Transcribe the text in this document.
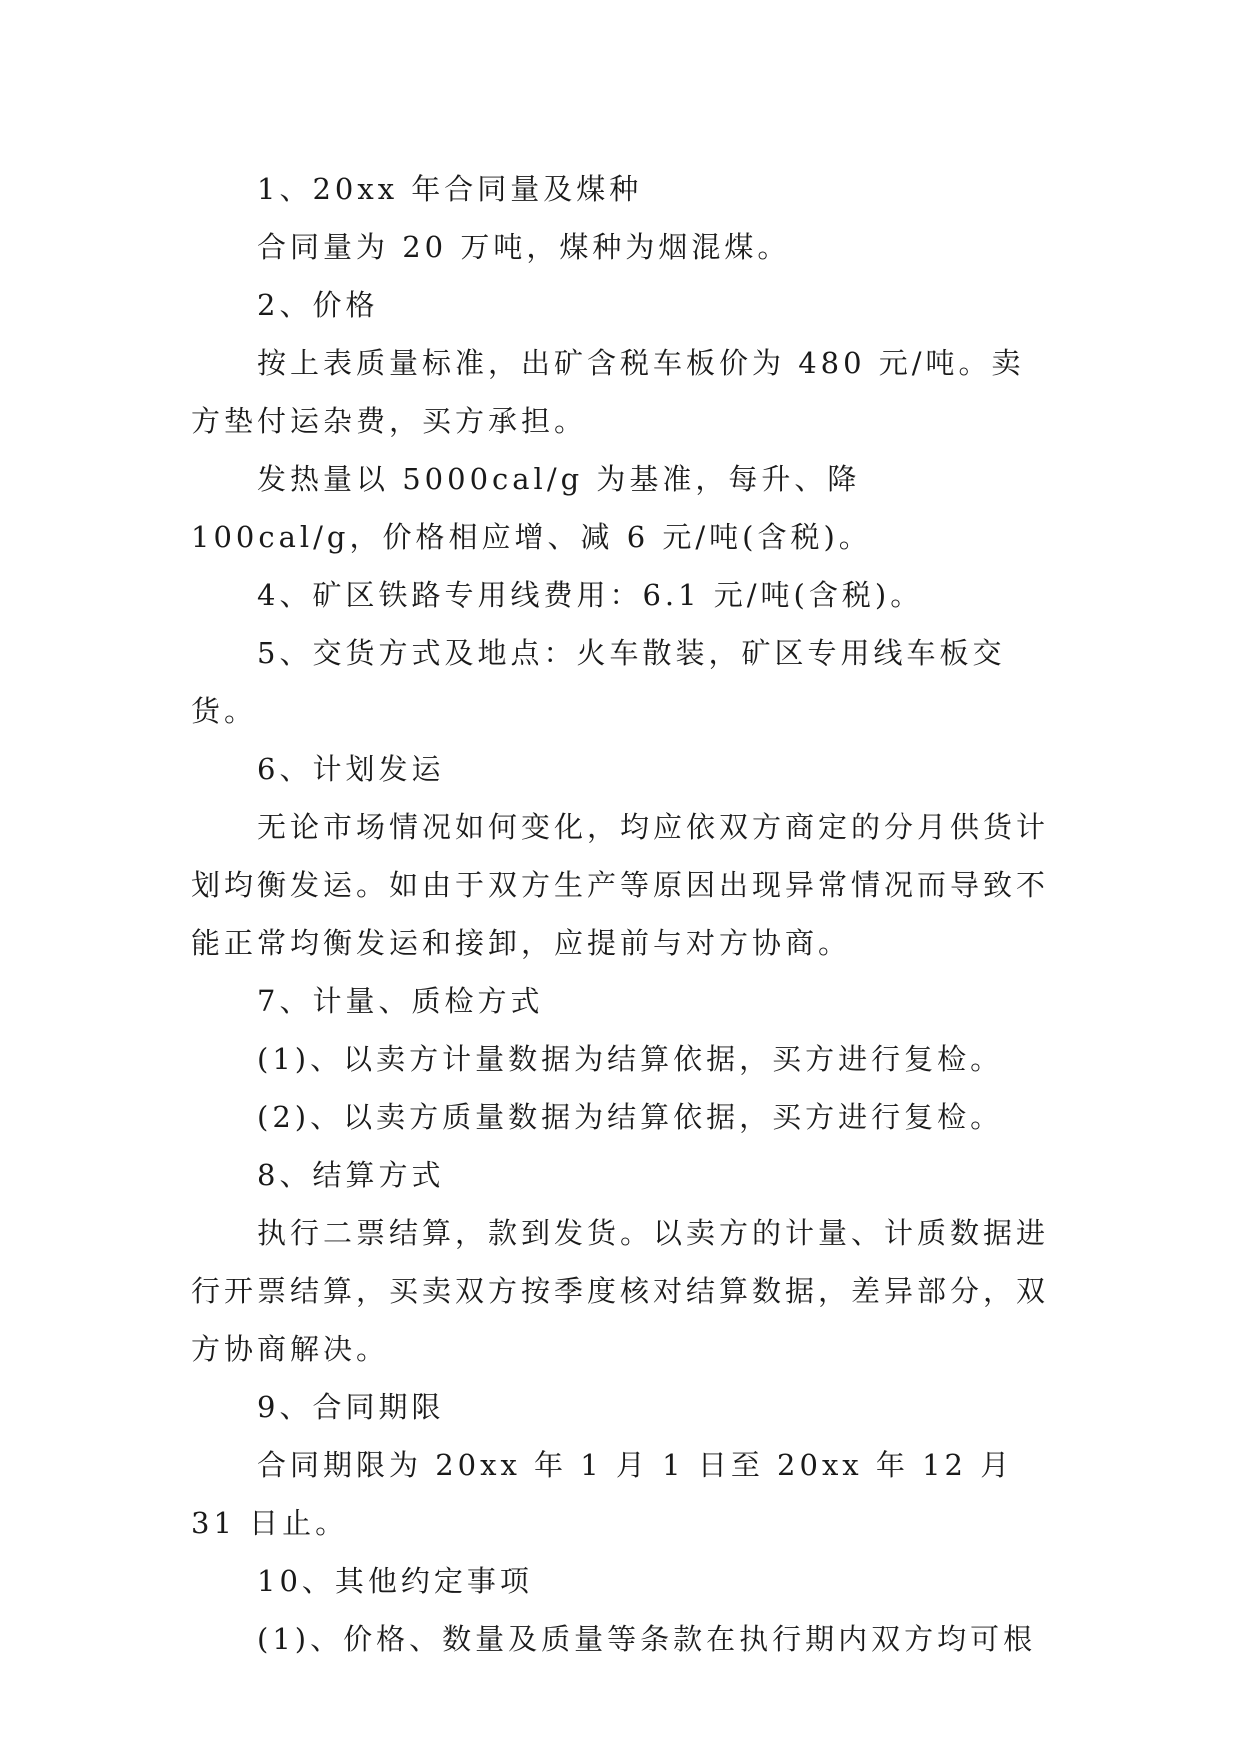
1、20xx 年合同量及煤种

合同量为 20 万吨，煤种为烟混煤。

2、价格

按上表质量标准，出矿含税车板价为 480 元/吨。卖方垫付运杂费，买方承担。

发热量以 5000cal/g 为基准，每升、降 100cal/g，价格相应增、减 6 元/吨(含税)。

4、矿区铁路专用线费用：6.1 元/吨(含税)。

5、交货方式及地点：火车散装，矿区专用线车板交货。

6、计划发运

无论市场情况如何变化，均应依双方商定的分月供货计划均衡发运。如由于双方生产等原因出现异常情况而导致不能正常均衡发运和接卸，应提前与对方协商。

7、计量、质检方式

(1)、以卖方计量数据为结算依据，买方进行复检。

(2)、以卖方质量数据为结算依据，买方进行复检。

8、结算方式

执行二票结算，款到发货。以卖方的计量、计质数据进行开票结算，买卖双方按季度核对结算数据，差异部分，双方协商解决。

9、合同期限

合同期限为 20xx 年 1 月 1 日至 20xx 年 12 月 31 日止。

10、其他约定事项

(1)、价格、数量及质量等条款在执行期内双方均可根
